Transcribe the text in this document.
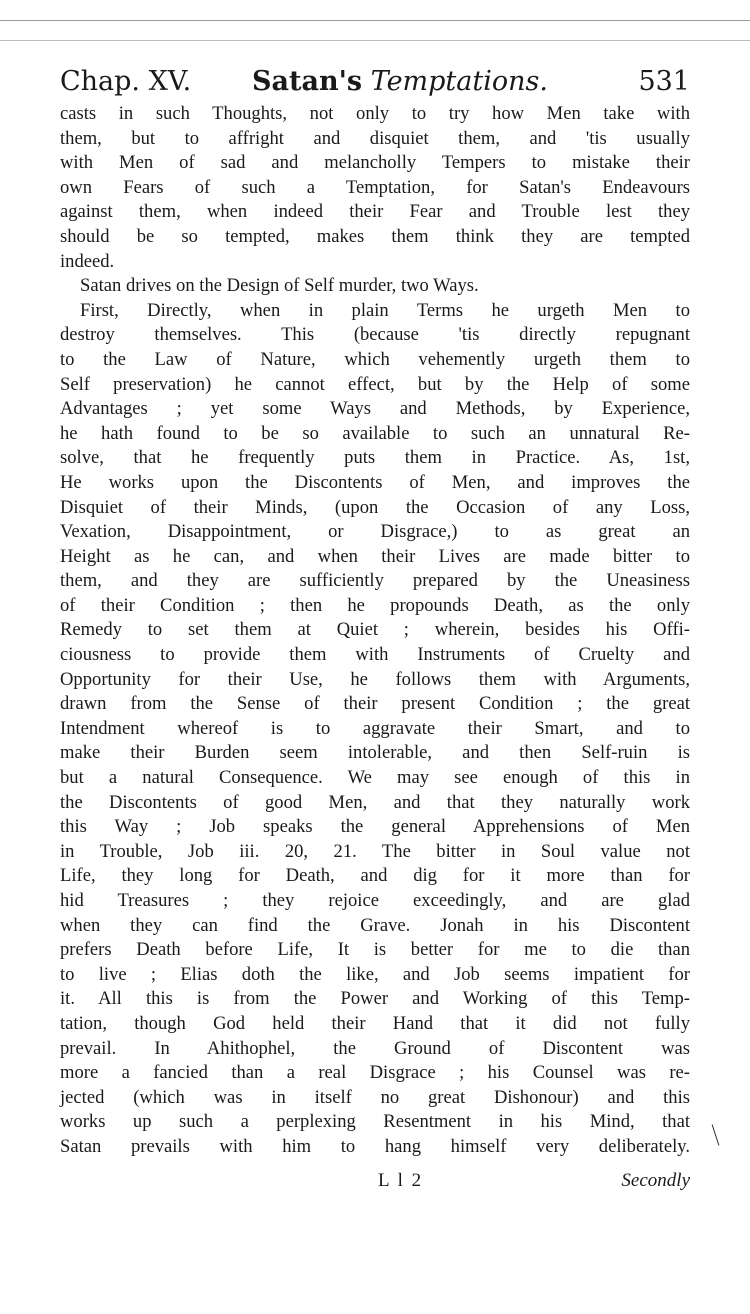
Chap. XV. Satan's Temptations.	531
casts in such Thoughts, not only to try how Men take with
them, but to affright and disquiet them, and 'tis usually
with Men of sad and melancholly Tempers to mistake their
own Fears of such a Temptation, for Satan's Endeavours
against them, when indeed their Fear and Trouble lest they
should be so tempted, makes them think they are tempted
indeed.
Satan drives on the Design of Self murder, two Ways.
First, Directly, when in plain Terms he urgeth Men to
destroy themselves. This (because 'tis directly repugnant
to the Law of Nature, which vehemently urgeth them to
Self preservation) he cannot effect, but by the Help of some
Advantages ; yet some Ways and Methods, by Experience,
he hath found to be so available to such an unnatural Re-
solve, that he frequently puts them in Practice. As, 1st,
He works upon the Discontents of Men, and improves the
Disquiet of their Minds, (upon the Occasion of any Loss,
Vexation, Disappointment, or Disgrace,) to as great an
Height as he can, and when their Lives are made bitter to
them, and they are sufficiently prepared by the Uneasiness
of their Condition ; then he propounds Death, as the only
Remedy to set them at Quiet ; wherein, besides his Offi-
ciousness to provide them with Instruments of Cruelty and
Opportunity for their Use, he follows them with Arguments,
drawn from the Sense of their present Condition ; the great
Intendment whereof is to aggravate their Smart, and to
make their Burden seem intolerable, and then Self-ruin is
but a natural Consequence. We may see enough of this in
the Discontents of good Men, and that they naturally work
this Way ; Job speaks the general Apprehensions of Men
in Trouble, Job iii. 20, 21. The bitter in Soul value not
Life, they long for Death, and dig for it more than for
hid Treasures ; they rejoice exceedingly, and are glad
when they can find the Grave. Jonah in his Discontent
prefers Death before Life, It is better for me to die than
to live ; Elias doth the like, and Job seems impatient for
it. All this is from the Power and Working of this Temp-
tation, though God held their Hand that it did not fully
prevail. In Ahithophel, the Ground of Discontent was
more a fancied than a real Disgrace ; his Counsel was re-
jected (which was in itself no great Dishonour) and this
works up such a perplexing Resentment in his Mind, that
Satan prevails with him to hang himself very deliberately.
L l 2	Secondly
